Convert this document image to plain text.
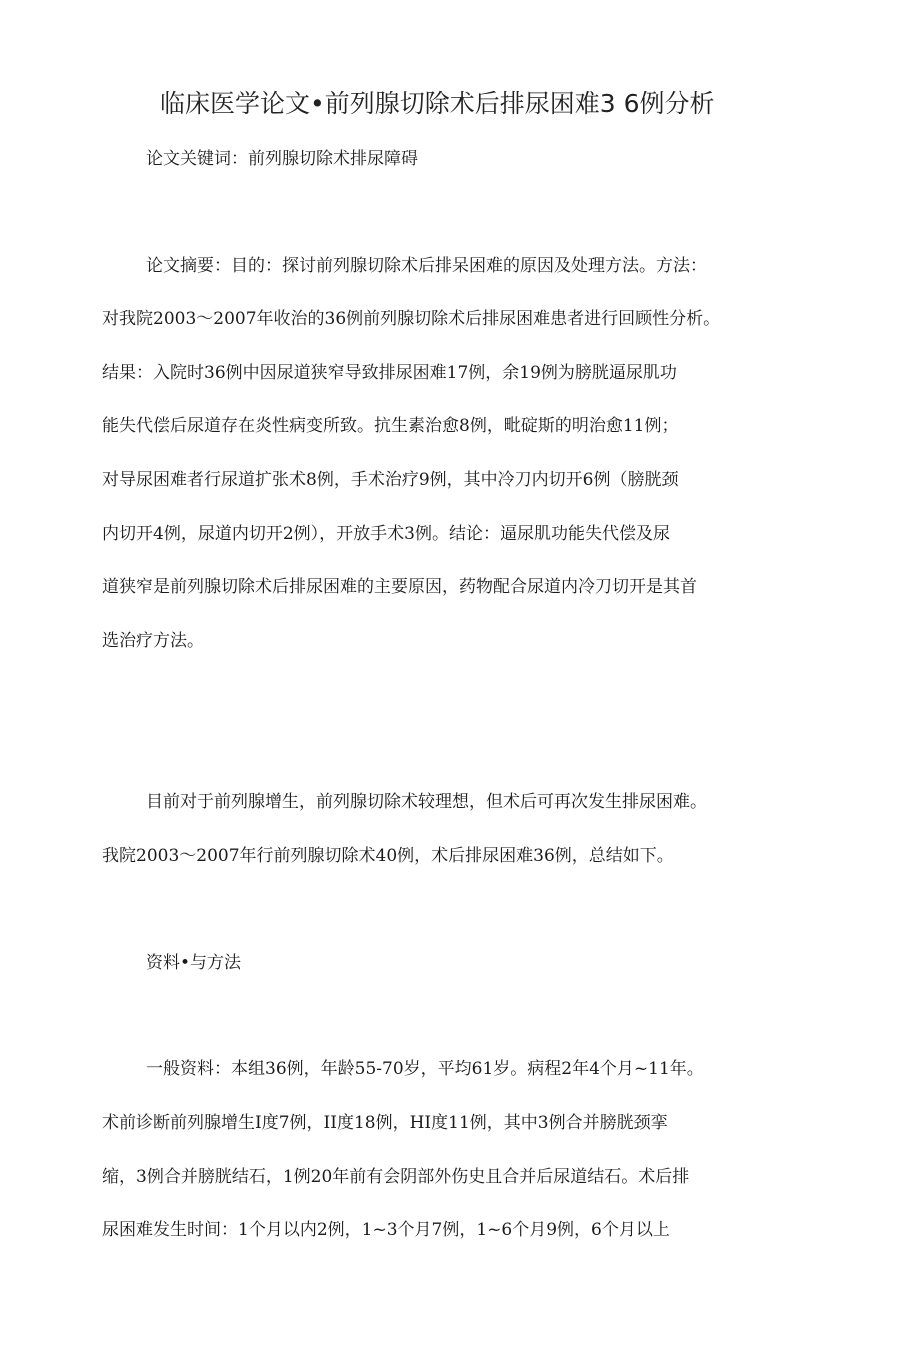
临床医学论文•前列腺切除术后排尿困难3 6例分析
论文关键词：前列腺切除术排尿障碍
论文摘要：目的：探讨前列腺切除术后排呆困难的原因及处理方法。方法：
对我院2003～2007年收治的36例前列腺切除术后排尿困难患者进行回顾性分析。
结果：入院时36例中因尿道狭窄导致排尿困难17例，余19例为膀胱逼尿肌功
能失代偿后尿道存在炎性病变所致。抗生素治愈8例，毗碇斯的明治愈11例；
对导尿困难者行尿道扩张术8例，手术治疗9例，其中冷刀内切开6例（膀胱颈
内切开4例，尿道内切开2例），开放手术3例。结论：逼尿肌功能失代偿及尿
道狭窄是前列腺切除术后排尿困难的主要原因，药物配合尿道内冷刀切开是其首
选治疗方法。
目前对于前列腺增生，前列腺切除术较理想，但术后可再次发生排尿困难。
我院2003～2007年行前列腺切除术40例，术后排尿困难36例，总结如下。
资料•与方法
一般资料：本组36例，年龄55-70岁，平均61岁。病程2年4个月~11年。
术前诊断前列腺增生I度7例，II度18例，HI度11例，其中3例合并膀胱颈挛
缩，3例合并膀胱结石，1例20年前有会阴部外伤史且合并后尿道结石。术后排
尿困难发生时间：1个月以内2例，1~3个月7例，1~6个月9例，6个月以上
